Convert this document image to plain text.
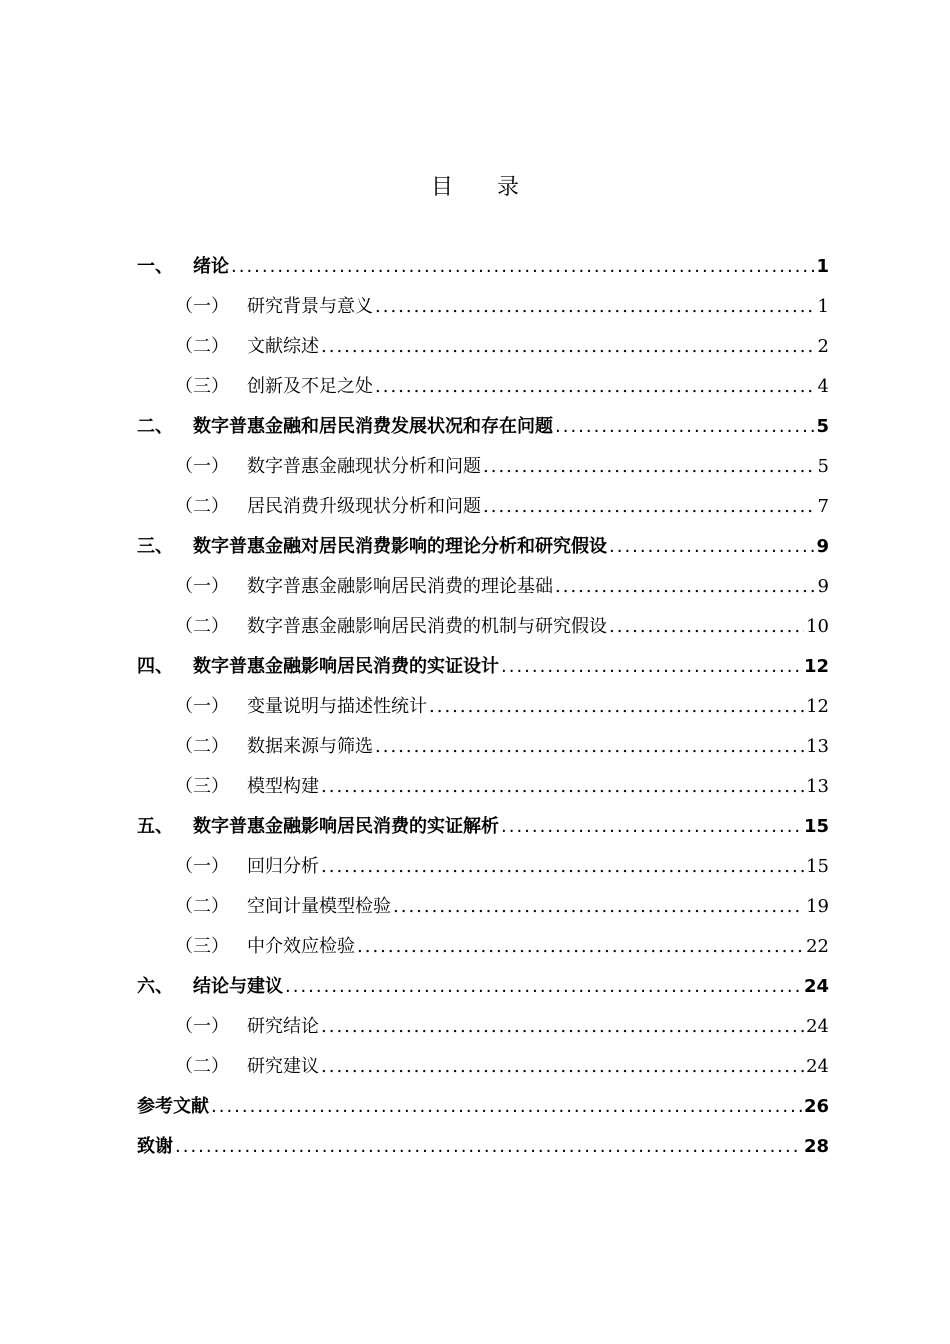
目 录
一、	绪论 .....	1
（一）	研究背景与意义 .....	1
（二）	文献综述 .....	2
（三）	创新及不足之处 .....	4
二、	数字普惠金融和居民消费发展状况和存在问题 .....	5
（一）	数字普惠金融现状分析和问题 .....	5
（二）	居民消费升级现状分析和问题 .....	7
三、	数字普惠金融对居民消费影响的理论分析和研究假设 .....	9
（一）	数字普惠金融影响居民消费的理论基础 .....	9
（二）	数字普惠金融影响居民消费的机制与研究假设 .....	10
四、	数字普惠金融影响居民消费的实证设计 .....	12
（一）	变量说明与描述性统计 .....	12
（二）	数据来源与筛选 .....	13
（三）	模型构建 .....	13
五、	数字普惠金融影响居民消费的实证解析 .....	15
（一）	回归分析 .....	15
（二）	空间计量模型检验 .....	19
（三）	中介效应检验 .....	22
六、	结论与建议 .....	24
（一）	研究结论 .....	24
（二）	研究建议 .....	24
参考文献 .....	26
致谢 .....	28
